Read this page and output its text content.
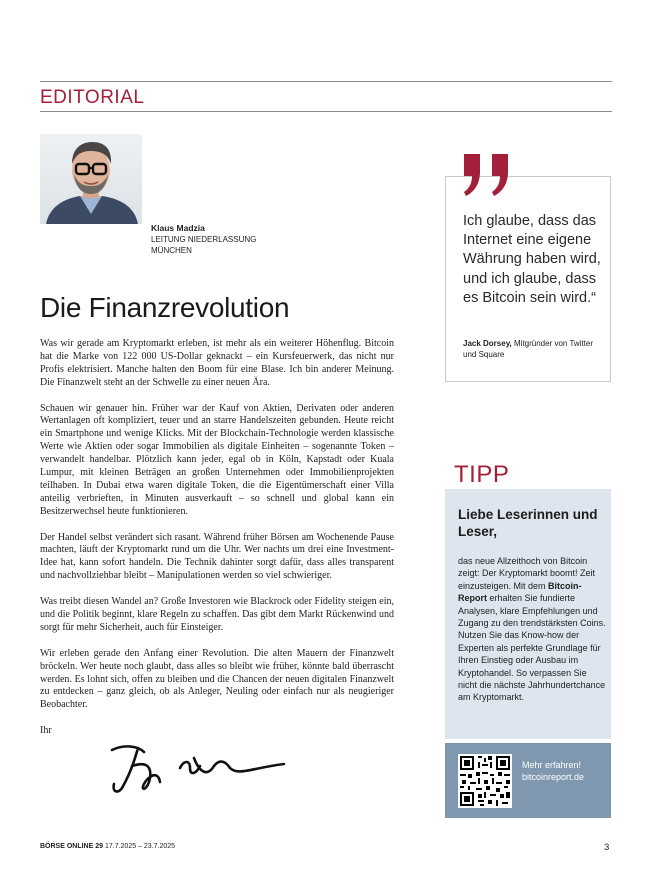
EDITORIAL
Klaus Madzia
LEITUNG NIEDERLASSUNG
MÜNCHEN
Die Finanzrevolution

Was wir gerade am Kryptomarkt erleben, ist mehr als ein weiterer Höhenflug. Bitcoin hat die Marke von 122 000 US-Dollar geknackt – ein Kursfeuerwerk, das nicht nur Profis elektrisiert. Manche halten den Boom für eine Blase. Ich bin anderer Meinung. Die Finanzwelt steht an der Schwelle zu einer neuen Ära.

Schauen wir genauer hin. Früher war der Kauf von Aktien, Derivaten oder anderen Wertanlagen oft kompliziert, teuer und an starre Handelszeiten gebunden. Heute reicht ein Smartphone und wenige Klicks. Mit der Blockchain-Technologie werden klassische Werte wie Aktien oder sogar Immobilien als digitale Einheiten – sogenannte Token – verwandelt handelbar. Plötzlich kann jeder, egal ob in Köln, Kapstadt oder Kuala Lumpur, mit kleinen Beträgen an großen Unternehmen oder Immobilienprojekten teilhaben. In Dubai etwa waren digitale Token, die die Eigentümerschaft einer Villa anteilig verbrieften, in Minuten ausverkauft – so schnell und global kann ein Besitzerwechsel heute funktionieren.

Der Handel selbst verändert sich rasant. Während früher Börsen am Wochenende Pause machten, läuft der Kryptomarkt rund um die Uhr. Wer nachts um drei eine Investment-Idee hat, kann sofort handeln. Die Technik dahinter sorgt dafür, dass alles transparent und nachvollziehbar bleibt – Manipulationen werden so viel schwieriger.

Was treibt diesen Wandel an? Große Investoren wie Blackrock oder Fidelity steigen ein, und die Politik beginnt, klare Regeln zu schaffen. Das gibt dem Markt Rückenwind und sorgt für mehr Sicherheit, auch für Einsteiger.

Wir erleben gerade den Anfang einer Revolution. Die alten Mauern der Finanzwelt bröckeln. Wer heute noch glaubt, dass alles so bleibt wie früher, könnte bald überrascht werden. Es lohnt sich, offen zu bleiben und die Chancen der neuen digitalen Finanzwelt zu entdecken – ganz gleich, ob als Anleger, Neuling oder einfach nur als neugieriger Beobachter.

Ihr

Ich glaube, dass das Internet eine eigene Währung haben wird, und ich glaube, dass es Bitcoin sein wird.“
Jack Dorsey, Mitgründer von Twitter und Square
TIPP
Liebe Leserinnen und Leser,
das neue Allzeithoch von Bitcoin zeigt: Der Kryptomarkt boomt! Zeit einzusteigen. Mit dem Bitcoin-Report erhalten Sie fundierte Analysen, klare Empfehlungen und Zugang zu den trendstärksten Coins. Nutzen Sie das Know-how der Experten als perfekte Grundlage für Ihren Einstieg oder Ausbau im Kryptohandel. So verpassen Sie nicht die nächste Jahrhundertchance am Kryptomarkt.
Mehr erfahren!
bitcoinreport.de
BÖRSE ONLINE 29 17.7.2025 – 23.7.2025	3
